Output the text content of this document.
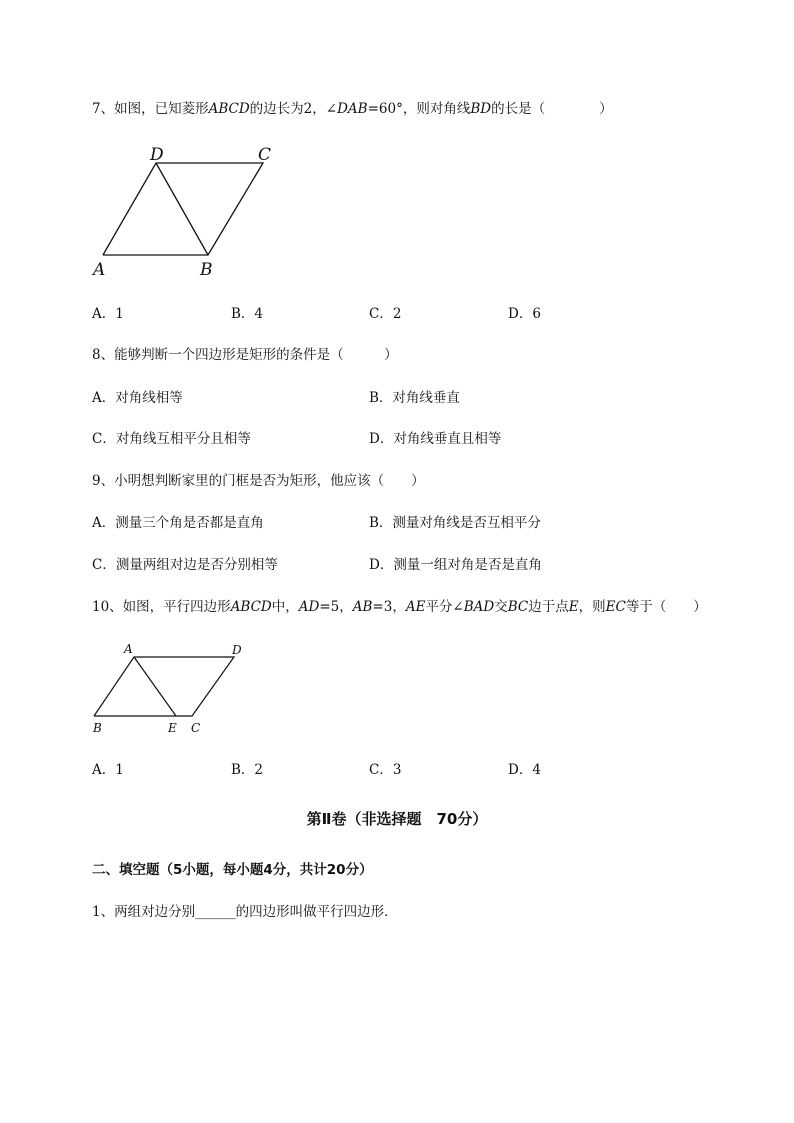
7、如图，已知菱形ABCD的边长为2，∠DAB=60°，则对角线BD的长是（　　　　）
D	C
A	B
A．1	B．4	C．2	D．6
8、能够判断一个四边形是矩形的条件是（　　　）
A．对角线相等	B．对角线垂直
C．对角线互相平分且相等	D．对角线垂直且相等
9、小明想判断家里的门框是否为矩形，他应该（　　）
A．测量三个角是否都是直角	B．测量对角线是否互相平分
C．测量两组对边是否分别相等	D．测量一组对角是否是直角
10、如图，平行四边形ABCD中，AD=5，AB=3，AE平分∠BAD交BC边于点E，则EC等于（　　）
A	D
B	E C
A．1	B．2	C．3	D．4
第Ⅱ卷（非选择题　70分）
二、填空题（5小题，每小题4分，共计20分）
1、两组对边分别______的四边形叫做平行四边形．
